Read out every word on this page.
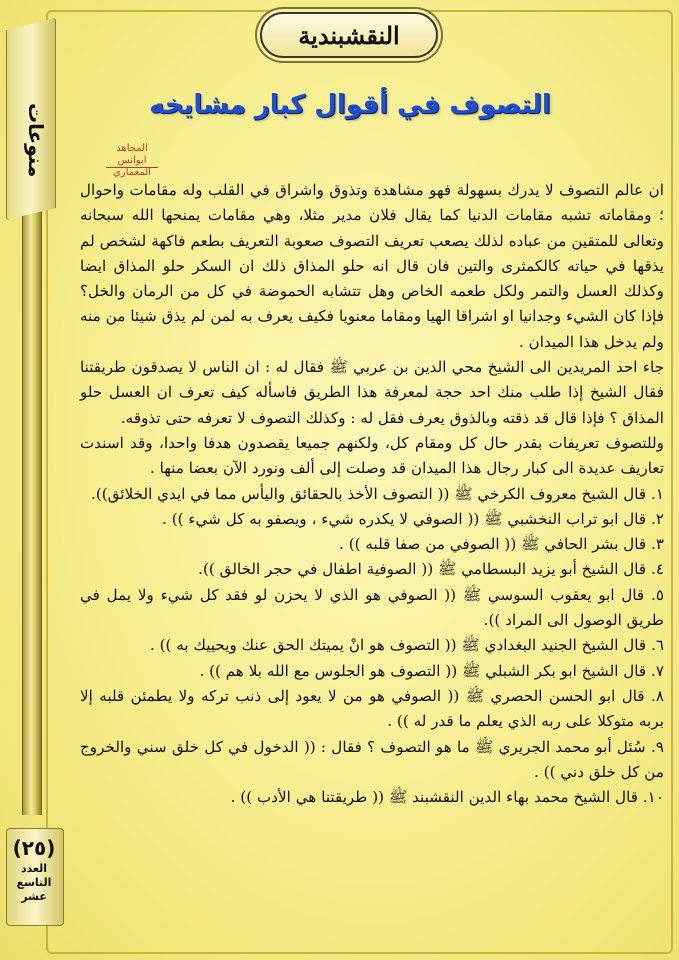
منوعات
(٢٥)
العدد
التاسع
عشر
النقشبندية
التصوف في أقوال كبار مشايخه
المجاهد
ابوانس المعماري

ان عالم التصوف لا يدرك بسهولة فهو مشاهدة وتذوق واشراق في القلب وله مقامات واحوال ؛ ومقاماته تشبه مقامات الدنيا كما يقال فلان مدير مثلا، وهي مقامات يمنحها الله سبحانه وتعالى للمتقين من عباده لذلك يصعب تعريف التصوف صعوبة التعريف بطعم فاكهة لشخص لم يذقها في حياته كالكمثرى والتين فان قال انه حلو المذاق ذلك ان السكر حلو المذاق ايضا وكذلك العسل والتمر ولكل طعمه الخاص وهل تتشابه الحموضة في كل من الرمان والخل؟ فإذا كان الشيء وجدانيا او اشراقا الهيا ومقاما معنويا فكيف يعرف به لمن لم يذق شيئا من منه ولم يدخل هذا الميدان .

جاء احد المريدين الى الشيخ محي الدين بن عربي ﷺ فقال له : ان الناس لا يصدقون طريقتنا فقال الشيخ إذا طلب منك احد حجة لمعرفة هذا الطريق فاسأله كيف تعرف ان العسل حلو المذاق ؟ فإذا قال قد ذقته وبالذوق يعرف فقل له : وكذلك التصوف لا تعرفه حتى تذوقه.

وللتصوف تعريفات بقدر حال كل ومقام كل، ولكنهم جميعا يقصدون هدفا واحدا، وقد اسندت تعاريف عديدة الى كبار رجال هذا الميدان قد وصلت إلى ألف ونورد الآن بعضا منها .

١. قال الشيخ معروف الكرخي ﷺ (( التصوف الأخذ بالحقائق واليأس مما في ايدي الخلائق)).

٢. قال ابو تراب النخشبي ﷺ (( الصوفي لا يكدره شيء ، ويصفو به كل شيء )) .

٣. قال بشر الحافي ﷺ (( الصوفي من صفا قلبه )) .

٤. قال الشيخ أبو يزيد البسطامي ﷺ (( الصوفية اطفال في حجر الخالق )).

٥. قال ابو يعقوب السوسي ﷺ (( الصوفي هو الذي لا يحزن لو فقد كل شيء ولا يمل في طريق الوصول الى المراد )).

٦. قال الشيخ الجنيد البغدادي ﷺ (( التصوف هو انْ يميتك الحق عنك ويحييك به )) .

٧. قال الشيخ ابو بكر الشبلي ﷺ (( التصوف هو الجلوس مع الله بلا هم )) .

٨. قال ابو الحسن الحصري ﷺ (( الصوفي هو من لا يعود إلى ذنب تركه ولا يطمئن قلبه إلا بربه متوكلا على ربه الذي يعلم ما قدر له )) .

٩. سُئل أبو محمد الجريري ﷺ ما هو التصوف ؟ فقال : (( الدخول في كل خلق سني والخروج من كل خلق دني )) .

١٠. قال الشيخ محمد بهاء الدين النقشبند ﷺ (( طريقتنا هي الأدب )) .
